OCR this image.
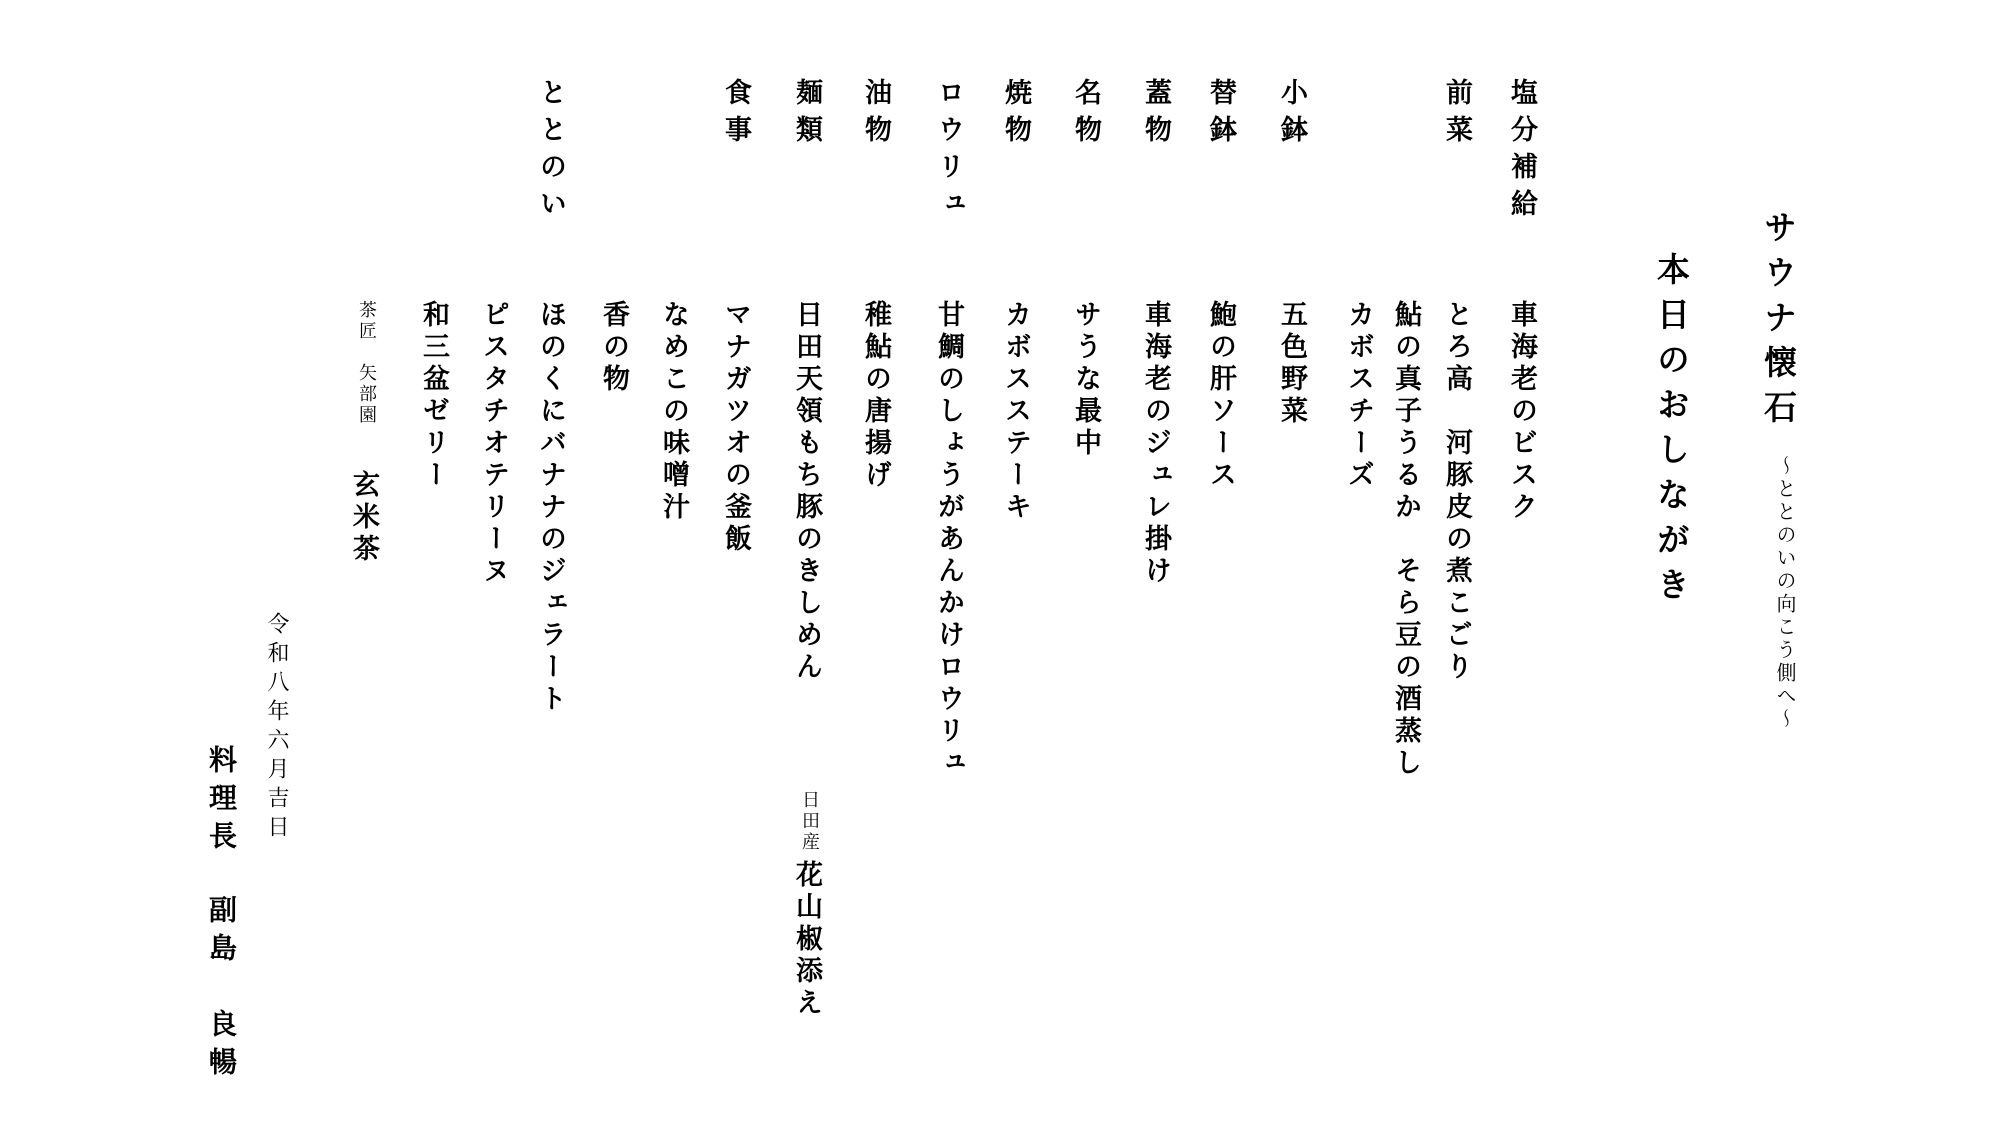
サウナ懐石
～ととのいの向こう側へ～
本日のおしながき
塩分補給
前菜
小鉢
替鉢
蓋物
名物
焼物
ロウリュ
油物
麺類
食事
ととのい
車海老のビスク
とろ高　河豚皮の煮こごり
鮎の真子うるか　そら豆の酒蒸し
カボスチーズ
五色野菜
鮑の肝ソース
車海老のジュレ掛け
サうな最中
カボスステーキ
甘鯛のしょうがあんかけロウリュ
稚鮎の唐揚げ
日田天領もち豚のきしめん
日田産
花山椒添え
マナガツオの釜飯
なめこの味噌汁
香の物
ほのくにバナナのジェラート
ピスタチオテリーヌ
和三盆ゼリー
茶匠　矢部園
玄米茶
令和八年六月吉日
料理長
副島　良暢
